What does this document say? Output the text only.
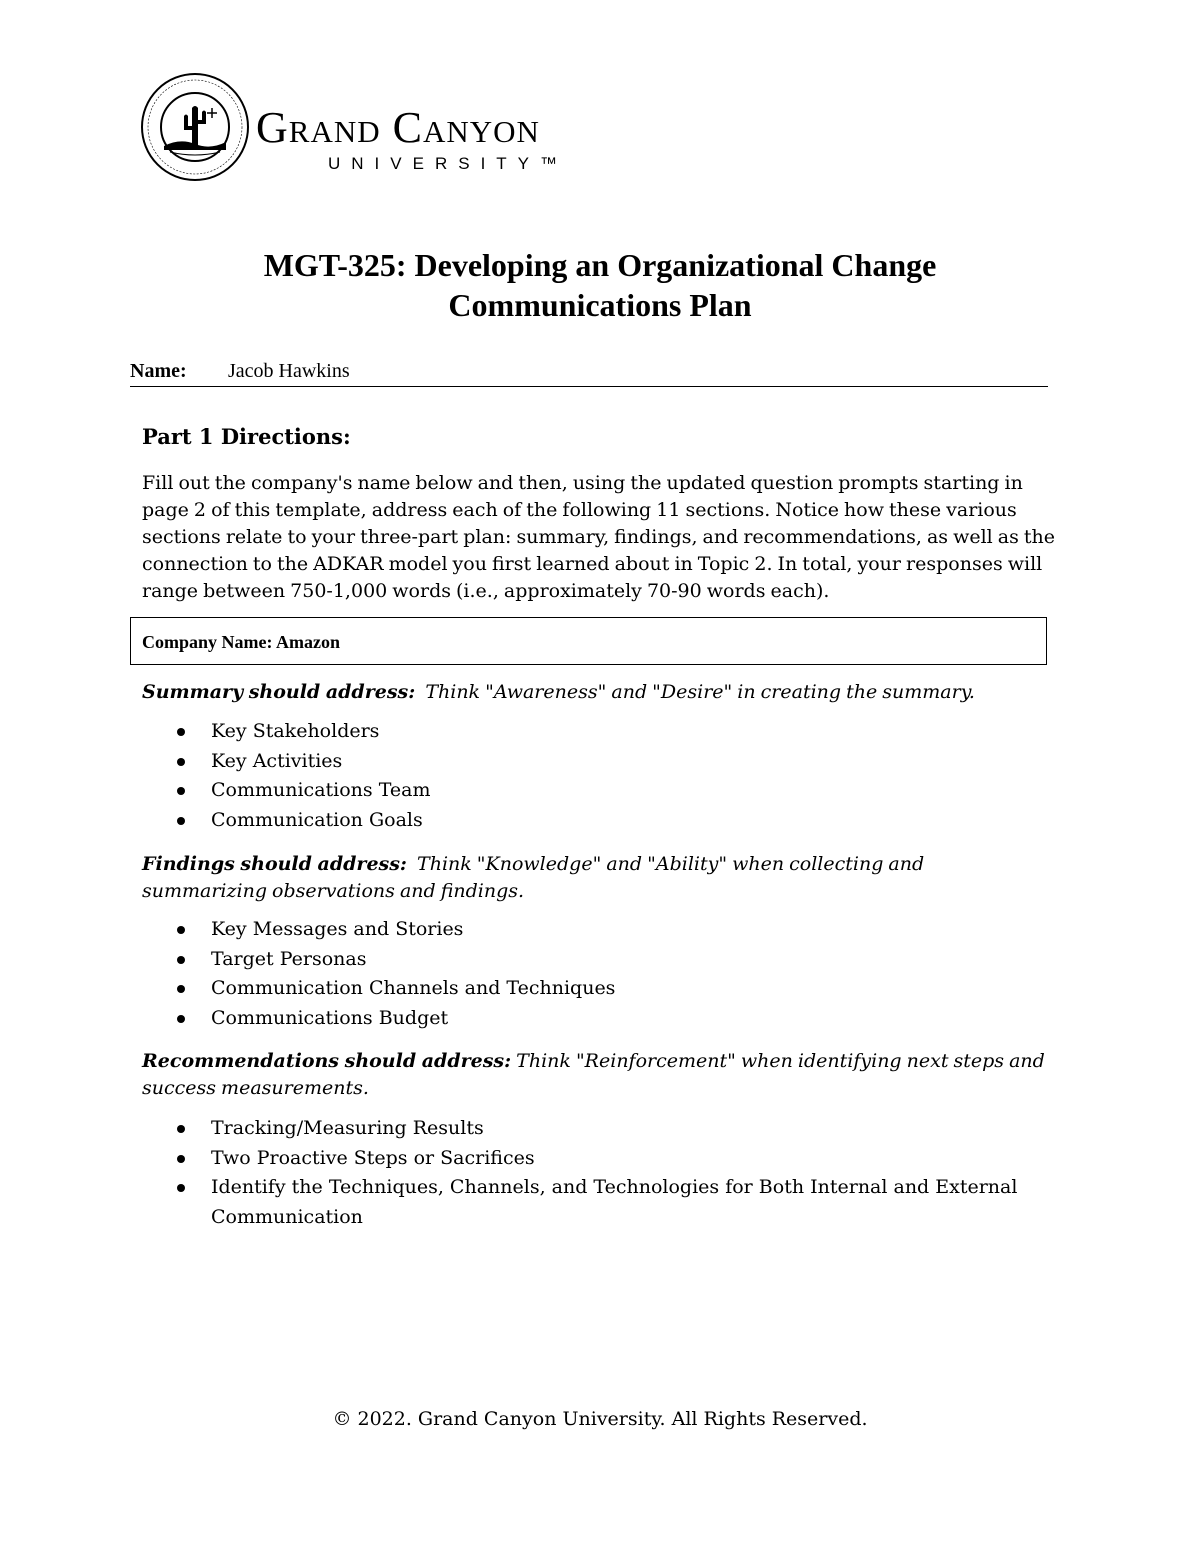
Grand Canyon
UNIVERSITY™
MGT-325: Developing an Organizational Change
Communications Plan
Name: Jacob Hawkins
Part 1 Directions:
Fill out the company's name below and then, using the updated question prompts starting in page 2 of this template, address each of the following 11 sections. Notice how these various sections relate to your three-part plan: summary, findings, and recommendations, as well as the connection to the ADKAR model you first learned about in Topic 2. In total, your responses will range between 750-1,000 words (i.e., approximately 70-90 words each).
Company Name: Amazon
Summary should address: Think "Awareness" and "Desire" in creating the summary.
Key Stakeholders
Key Activities
Communications Team
Communication Goals
Findings should address: Think "Knowledge" and "Ability" when collecting and summarizing observations and findings.
Key Messages and Stories
Target Personas
Communication Channels and Techniques
Communications Budget
Recommendations should address: Think "Reinforcement" when identifying next steps and success measurements.
Tracking/Measuring Results
Two Proactive Steps or Sacrifices
Identify the Techniques, Channels, and Technologies for Both Internal and External Communication
© 2022. Grand Canyon University. All Rights Reserved.
